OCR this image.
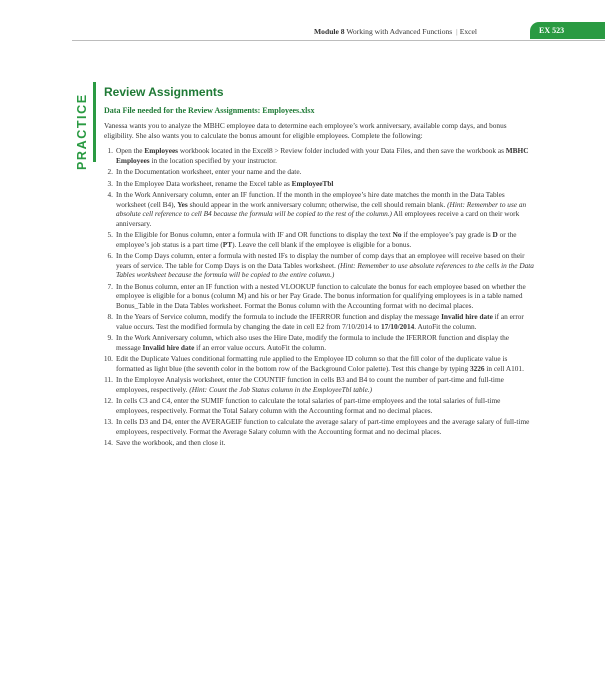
Module 8 Working with Advanced Functions | Excel	EX 523
PRACTICE
Review Assignments
Data File needed for the Review Assignments: Employees.xlsx
Vanessa wants you to analyze the MBHC employee data to determine each employee’s work anniversary, available comp days, and bonus eligibility. She also wants you to calculate the bonus amount for eligible employees. Complete the following:
1. Open the Employees workbook located in the Excel8 > Review folder included with your Data Files, and then save the workbook as MBHC Employees in the location specified by your instructor.
2. In the Documentation worksheet, enter your name and the date.
3. In the Employee Data worksheet, rename the Excel table as EmployeeTbl
4. In the Work Anniversary column, enter an IF function. If the month in the employee’s hire date matches the month in the Data Tables worksheet (cell B4), Yes should appear in the work anniversary column; otherwise, the cell should remain blank. (Hint: Remember to use an absolute cell reference to cell B4 because the formula will be copied to the rest of the column.) All employees receive a card on their work anniversary.
5. In the Eligible for Bonus column, enter a formula with IF and OR functions to display the text No if the employee’s pay grade is D or the employee’s job status is a part time (PT). Leave the cell blank if the employee is eligible for a bonus.
6. In the Comp Days column, enter a formula with nested IFs to display the number of comp days that an employee will receive based on their years of service. The table for Comp Days is on the Data Tables worksheet. (Hint: Remember to use absolute references to the cells in the Data Tables worksheet because the formula will be copied to the entire column.)
7. In the Bonus column, enter an IF function with a nested VLOOKUP function to calculate the bonus for each employee based on whether the employee is eligible for a bonus (column M) and his or her Pay Grade. The bonus information for qualifying employees is in a table named Bonus_Table in the Data Tables worksheet. Format the Bonus column with the Accounting format with no decimal places.
8. In the Years of Service column, modify the formula to include the IFERROR function and display the message Invalid hire date if an error value occurs. Test the modified formula by changing the date in cell E2 from 7/10/2014 to 17/10/2014. AutoFit the column.
9. In the Work Anniversary column, which also uses the Hire Date, modify the formula to include the IFERROR function and display the message Invalid hire date if an error value occurs. AutoFit the column.
10. Edit the Duplicate Values conditional formatting rule applied to the Employee ID column so that the fill color of the duplicate value is formatted as light blue (the seventh color in the bottom row of the Background Color palette). Test this change by typing 3226 in cell A101.
11. In the Employee Analysis worksheet, enter the COUNTIF function in cells B3 and B4 to count the number of part-time and full-time employees, respectively. (Hint: Count the Job Status column in the EmployeeTbl table.)
12. In cells C3 and C4, enter the SUMIF function to calculate the total salaries of part-time employees and the total salaries of full-time employees, respectively. Format the Total Salary column with the Accounting format and no decimal places.
13. In cells D3 and D4, enter the AVERAGEIF function to calculate the average salary of part-time employees and the average salary of full-time employees, respectively. Format the Average Salary column with the Accounting format and no decimal places.
14. Save the workbook, and then close it.
